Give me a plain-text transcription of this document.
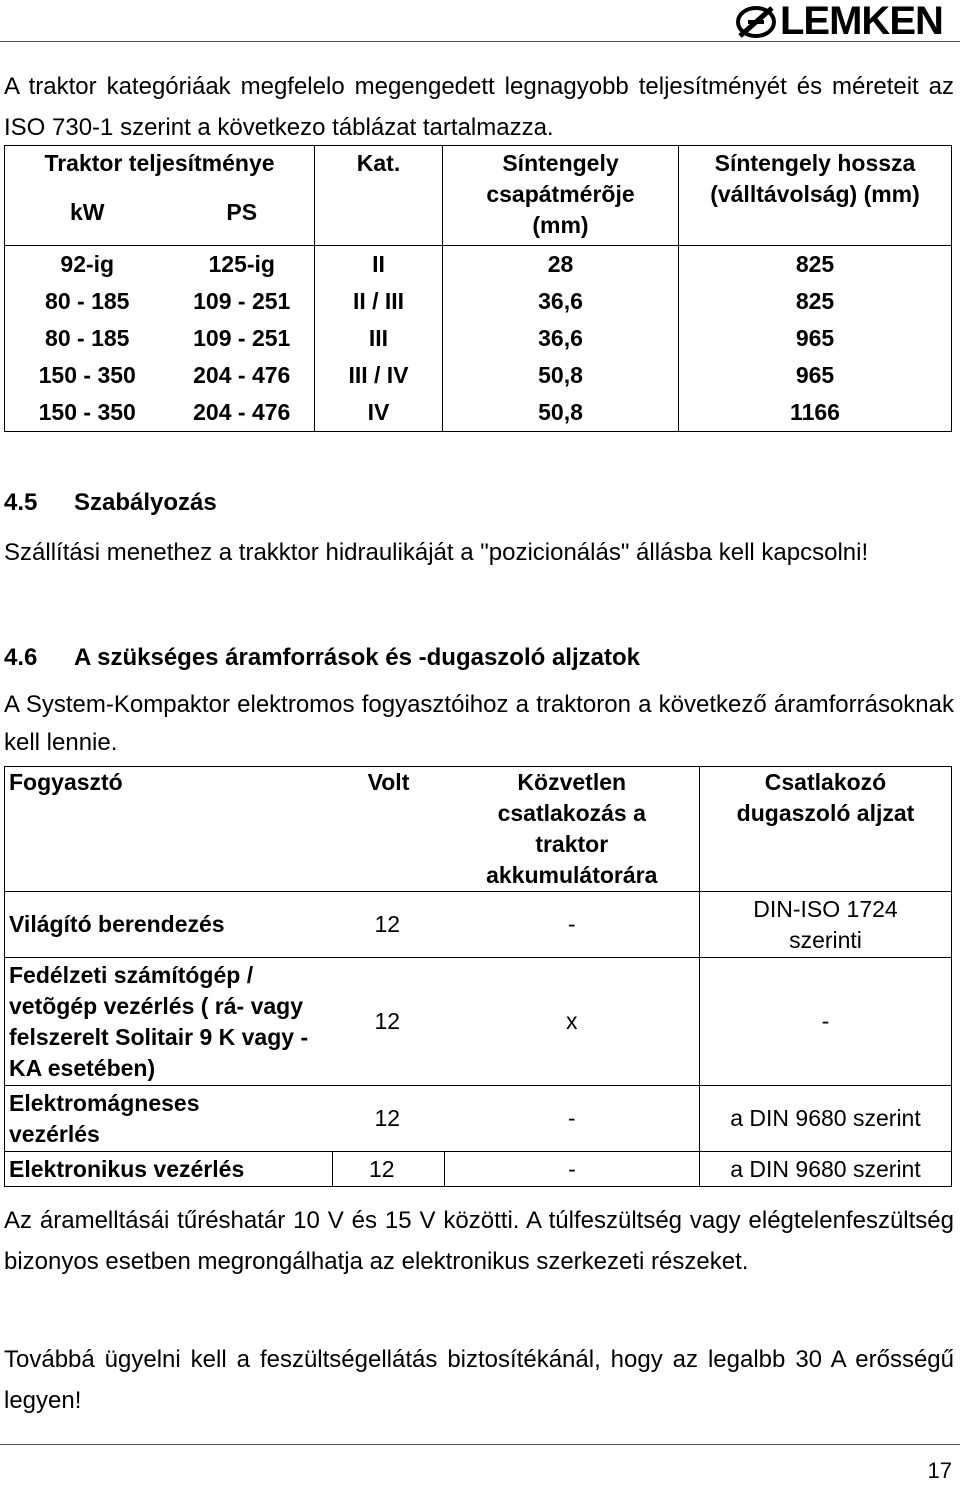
LEMKEN
A traktor kategóriáak megfelelo megengedett legnagyobb teljesítményét és méreteit az ISO 730-1 szerint a következo táblázat tartalmazza.
Traktor teljesítménye		Kat.	Síntengely csapátmérõje (mm)	Síntengely hossza (válltávolság) (mm)
kW	PS			
92-ig	125-ig	II	28	825
80 - 185	109 - 251	II / III	36,6	825
80 - 185	109 - 251	III	36,6	965
150 - 350	204 - 476	III / IV	50,8	965
150 - 350	204 - 476	IV	50,8	1166
4.5 Szabályozás
Szállítási menethez a trakktor hidraulikáját a "pozicionálás" állásba kell kapcsolni!
4.6 A szükséges áramforrások és -dugaszoló aljzatok
A System-Kompaktor elektromos fogyasztóihoz a traktoron a következő áramforrásoknak kell lennie.
Fogyasztó	Volt	Közvetlen csatlakozás a traktor akkumulátorára	Csatlakozó dugaszoló aljzat
Világító berendezés	12	-	DIN-ISO 1724 szerinti
Fedélzeti számítógép / vetõgép vezérlés ( rá- vagy felszerelt Solitair 9 K vagy -KA esetében)	12	x	-
Elektromágneses vezérlés	12	-	a DIN 9680 szerint
Elektronikus vezérlés	12	-	a DIN 9680 szerint
Az áramelltásái tűréshatár 10 V és 15 V közötti. A túlfeszültség vagy elégtelenfeszültség bizonyos esetben megrongálhatja az elektronikus szerkezeti részeket.
Továbbá ügyelni kell a feszültségellátás biztosítékánál, hogy az legalbb 30 A erősségű legyen!
17
